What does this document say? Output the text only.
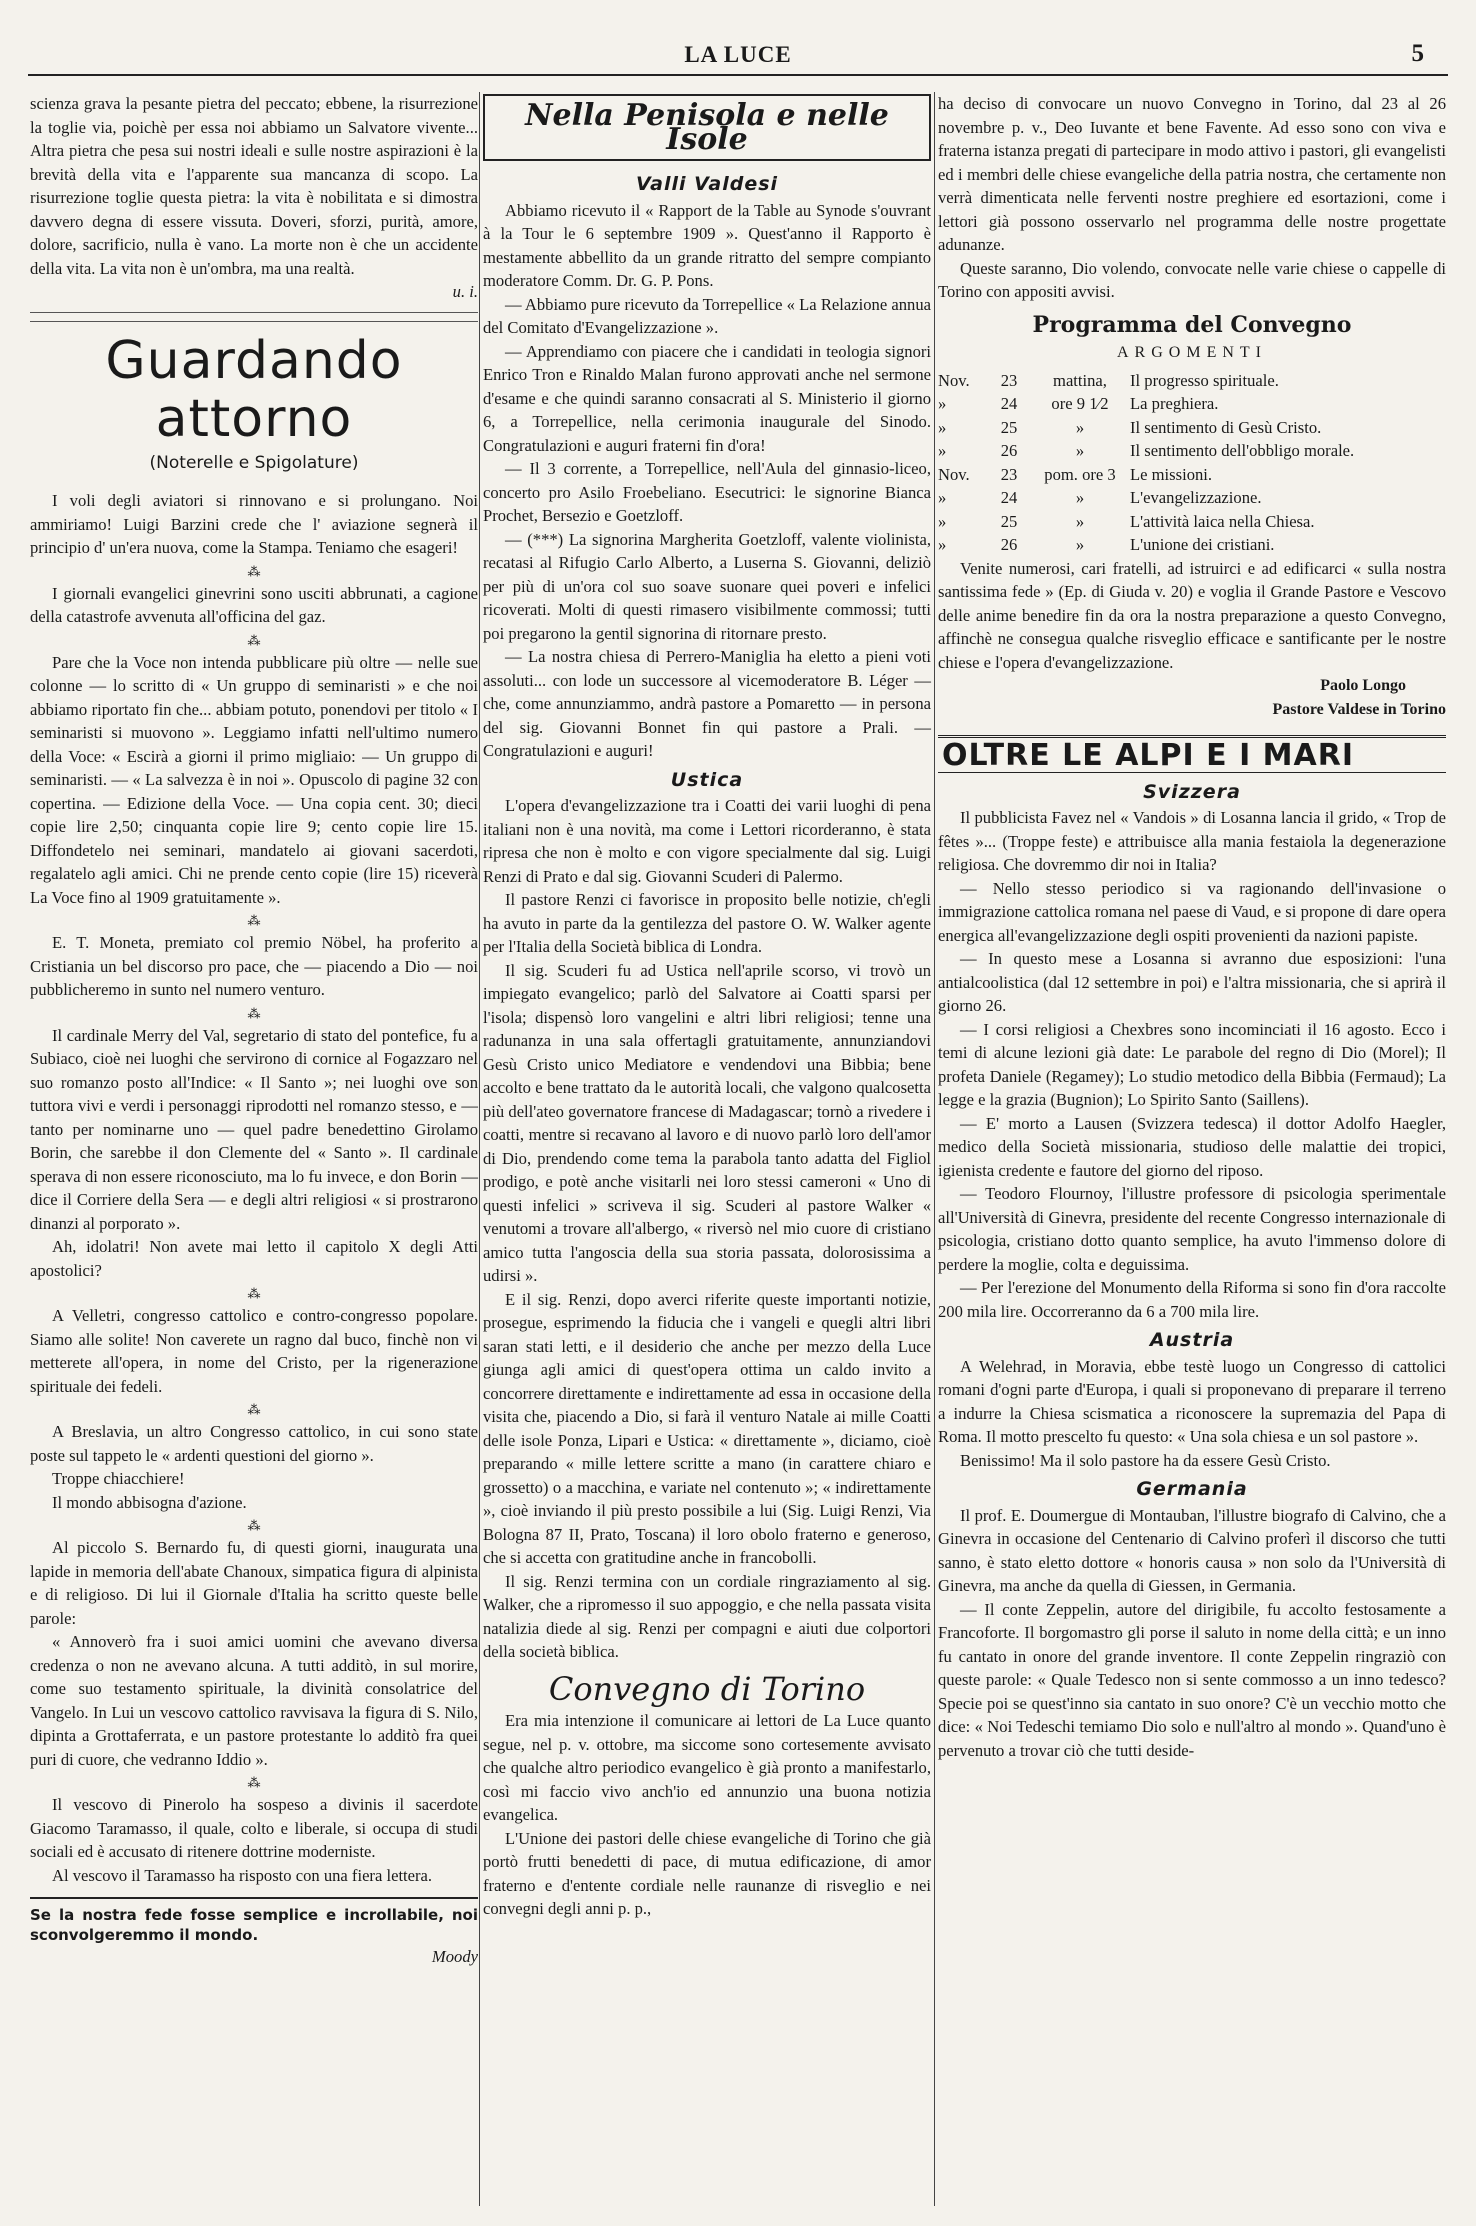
LA LUCE	5

scienza grava la pesante pietra del peccato; ebbene, la risurrezione la toglie via, poichè per essa noi abbiamo un Salvatore vivente... Altra pietra che pesa sui nostri ideali e sulle nostre aspirazioni è la brevità della vita e l'apparente sua mancanza di scopo. La risurrezione toglie questa pietra: la vita è nobilitata e si dimostra davvero degna di essere vissuta. Doveri, sforzi, purità, amore, dolore, sacrificio, nulla è vano. La morte non è che un accidente della vita. La vita non è un'ombra, ma una realtà.

u. i.

Guardando attorno
(Noterelle e Spigolature)

I voli degli aviatori si rinnovano e si prolungano. Noi ammiriamo! Luigi Barzini crede che l' aviazione segnerà il principio d' un'era nuova, come la Stampa. Teniamo che esageri!

⁂

I giornali evangelici ginevrini sono usciti abbrunati, a cagione della catastrofe avvenuta all'officina del gaz.

⁂

Pare che la Voce non intenda pubblicare più oltre — nelle sue colonne — lo scritto di « Un gruppo di seminaristi » e che noi abbiamo riportato fin che... abbiam potuto, ponendovi per titolo « I seminaristi si muovono ». Leggiamo infatti nell'ultimo numero della Voce: « Escirà a giorni il primo migliaio: — Un gruppo di seminaristi. — « La salvezza è in noi ». Opuscolo di pagine 32 con copertina. — Edizione della Voce. — Una copia cent. 30; dieci copie lire 2,50; cinquanta copie lire 9; cento copie lire 15. Diffondetelo nei seminari, mandatelo ai giovani sacerdoti, regalatelo agli amici. Chi ne prende cento copie (lire 15) riceverà La Voce fino al 1909 gratuitamente ».

⁂

E. T. Moneta, premiato col premio Nöbel, ha proferito a Cristiania un bel discorso pro pace, che — piacendo a Dio — noi pubblicheremo in sunto nel numero venturo.

⁂

Il cardinale Merry del Val, segretario di stato del pontefice, fu a Subiaco, cioè nei luoghi che servirono di cornice al Fogazzaro nel suo romanzo posto all'Indice: « Il Santo »; nei luoghi ove son tuttora vivi e verdi i personaggi riprodotti nel romanzo stesso, e — tanto per nominarne uno — quel padre benedettino Girolamo Borin, che sarebbe il don Clemente del « Santo ». Il cardinale sperava di non essere riconosciuto, ma lo fu invece, e don Borin — dice il Corriere della Sera — e degli altri religiosi « si prostrarono dinanzi al porporato ».

Ah, idolatri! Non avete mai letto il capitolo X degli Atti apostolici?

⁂

A Velletri, congresso cattolico e contro-congresso popolare. Siamo alle solite! Non caverete un ragno dal buco, finchè non vi metterete all'opera, in nome del Cristo, per la rigenerazione spirituale dei fedeli.

⁂

A Breslavia, un altro Congresso cattolico, in cui sono state poste sul tappeto le « ardenti questioni del giorno ».

Troppe chiacchiere!

Il mondo abbisogna d'azione.

⁂

Al piccolo S. Bernardo fu, di questi giorni, inaugurata una lapide in memoria dell'abate Chanoux, simpatica figura di alpinista e di religioso. Di lui il Giornale d'Italia ha scritto queste belle parole:

« Annoverò fra i suoi amici uomini che avevano diversa credenza o non ne avevano alcuna. A tutti additò, in sul morire, come suo testamento spirituale, la divinità consolatrice del Vangelo. In Lui un vescovo cattolico ravvisava la figura di S. Nilo, dipinta a Grottaferrata, e un pastore protestante lo additò fra quei puri di cuore, che vedranno Iddio ».

⁂

Il vescovo di Pinerolo ha sospeso a divinis il sacerdote Giacomo Taramasso, il quale, colto e liberale, si occupa di studi sociali ed è accusato di ritenere dottrine moderniste.

Al vescovo il Taramasso ha risposto con una fiera lettera.

Se la nostra fede fosse semplice e incrollabile, noi sconvolgeremmo il mondo.

Moody

Nella Penisola e nelle Isole
Valli Valdesi

Abbiamo ricevuto il « Rapport de la Table au Synode s'ouvrant à la Tour le 6 septembre 1909 ». Quest'anno il Rapporto è mestamente abbellito da un grande ritratto del sempre compianto moderatore Comm. Dr. G. P. Pons.

— Abbiamo pure ricevuto da Torrepellice « La Relazione annua del Comitato d'Evangelizzazione ».

— Apprendiamo con piacere che i candidati in teologia signori Enrico Tron e Rinaldo Malan furono approvati anche nel sermone d'esame e che quindi saranno consacrati al S. Ministerio il giorno 6, a Torrepellice, nella cerimonia inaugurale del Sinodo. Congratulazioni e auguri fraterni fin d'ora!

— Il 3 corrente, a Torrepellice, nell'Aula del ginnasio-liceo, concerto pro Asilo Froebeliano. Esecutrici: le signorine Bianca Prochet, Bersezio e Goetzloff.

— (***) La signorina Margherita Goetzloff, valente violinista, recatasi al Rifugio Carlo Alberto, a Luserna S. Giovanni, deliziò per più di un'ora col suo soave suonare quei poveri e infelici ricoverati. Molti di questi rimasero visibilmente commossi; tutti poi pregarono la gentil signorina di ritornare presto.

— La nostra chiesa di Perrero-Maniglia ha eletto a pieni voti assoluti... con lode un successore al vicemoderatore B. Léger — che, come annunziammo, andrà pastore a Pomaretto — in persona del sig. Giovanni Bonnet fin qui pastore a Prali. — Congratulazioni e auguri!

Ustica

L'opera d'evangelizzazione tra i Coatti dei varii luoghi di pena italiani non è una novità, ma come i Lettori ricorderanno, è stata ripresa che non è molto e con vigore specialmente dal sig. Luigi Renzi di Prato e dal sig. Giovanni Scuderi di Palermo.

Il pastore Renzi ci favorisce in proposito belle notizie, ch'egli ha avuto in parte da la gentilezza del pastore O. W. Walker agente per l'Italia della Società biblica di Londra.

Il sig. Scuderi fu ad Ustica nell'aprile scorso, vi trovò un impiegato evangelico; parlò del Salvatore ai Coatti sparsi per l'isola; dispensò loro vangelini e altri libri religiosi; tenne una radunanza in una sala offertagli gratuitamente, annunziandovi Gesù Cristo unico Mediatore e vendendovi una Bibbia; bene accolto e bene trattato da le autorità locali, che valgono qualcosetta più dell'ateo governatore francese di Madagascar; tornò a rivedere i coatti, mentre si recavano al lavoro e di nuovo parlò loro dell'amor di Dio, prendendo come tema la parabola tanto adatta del Figliol prodigo, e potè anche visitarli nei loro stessi cameroni « Uno di questi infelici » scriveva il sig. Scuderi al pastore Walker « venutomi a trovare all'albergo, « riversò nel mio cuore di cristiano amico tutta l'angoscia della sua storia passata, dolorosissima a udirsi ».

E il sig. Renzi, dopo averci riferite queste importanti notizie, prosegue, esprimendo la fiducia che i vangeli e quegli altri libri saran stati letti, e il desiderio che anche per mezzo della Luce giunga agli amici di quest'opera ottima un caldo invito a concorrere direttamente e indirettamente ad essa in occasione della visita che, piacendo a Dio, si farà il venturo Natale ai mille Coatti delle isole Ponza, Lipari e Ustica: « direttamente », diciamo, cioè preparando « mille lettere scritte a mano (in carattere chiaro e grossetto) o a macchina, e variate nel contenuto »; « indirettamente », cioè inviando il più presto possibile a lui (Sig. Luigi Renzi, Via Bologna 87 II, Prato, Toscana) il loro obolo fraterno e generoso, che si accetta con gratitudine anche in francobolli.

Il sig. Renzi termina con un cordiale ringraziamento al sig. Walker, che a ripromesso il suo appoggio, e che nella passata visita natalizia diede al sig. Renzi per compagni e aiuti due colportori della società biblica.

Convegno di Torino

Era mia intenzione il comunicare ai lettori de La Luce quanto segue, nel p. v. ottobre, ma siccome sono cortesemente avvisato che qualche altro periodico evangelico è già pronto a manifestarlo, così mi faccio vivo anch'io ed annunzio una buona notizia evangelica.

L'Unione dei pastori delle chiese evangeliche di Torino che già portò frutti benedetti di pace, di mutua edificazione, di amor fraterno e d'entente cordiale nelle raunanze di risveglio e nei convegni degli anni p. p.,

ha deciso di convocare un nuovo Convegno in Torino, dal 23 al 26 novembre p. v., Deo Iuvante et bene Favente. Ad esso sono con viva e fraterna istanza pregati di partecipare in modo attivo i pastori, gli evangelisti ed i membri delle chiese evangeliche della patria nostra, che certamente non verrà dimenticata nelle ferventi nostre preghiere ed esortazioni, come i lettori già possono osservarlo nel programma delle nostre progettate adunanze.

Queste saranno, Dio volendo, convocate nelle varie chiese o cappelle di Torino con appositi avvisi.

Programma del Convegno
ARGOMENTI
Nov.	23	mattina,	Il progresso spirituale.
»	24	ore 9 1⁄2	La preghiera.
»	25	»	Il sentimento di Gesù Cristo.
»	26	»	Il sentimento dell'obbligo morale.
Nov.	23	pom. ore 3	Le missioni.
»	24	»	L'evangelizzazione.
»	25	»	L'attività laica nella Chiesa.
»	26	»	L'unione dei cristiani.

Venite numerosi, cari fratelli, ad istruirci e ad edificarci « sulla nostra santissima fede » (Ep. di Giuda v. 20) e voglia il Grande Pastore e Vescovo delle anime benedire fin da ora la nostra preparazione a questo Convegno, affinchè ne consegua qualche risveglio efficace e santificante per le nostre chiese e l'opera d'evangelizzazione.

Paolo Longo
Pastore Valdese in Torino
OLTRE LE ALPI E I MARI
Svizzera

Il pubblicista Favez nel « Vandois » di Losanna lancia il grido, « Trop de fêtes »... (Troppe feste) e attribuisce alla mania festaiola la degenerazione religiosa. Che dovremmo dir noi in Italia?

— Nello stesso periodico si va ragionando dell'invasione o immigrazione cattolica romana nel paese di Vaud, e si propone di dare opera energica all'evangelizzazione degli ospiti provenienti da nazioni papiste.

— In questo mese a Losanna si avranno due esposizioni: l'una antialcoolistica (dal 12 settembre in poi) e l'altra missionaria, che si aprirà il giorno 26.

— I corsi religiosi a Chexbres sono incominciati il 16 agosto. Ecco i temi di alcune lezioni già date: Le parabole del regno di Dio (Morel); Il profeta Daniele (Regamey); Lo studio metodico della Bibbia (Fermaud); La legge e la grazia (Bugnion); Lo Spirito Santo (Saillens).

— E' morto a Lausen (Svizzera tedesca) il dottor Adolfo Haegler, medico della Società missionaria, studioso delle malattie dei tropici, igienista credente e fautore del giorno del riposo.

— Teodoro Flournoy, l'illustre professore di psicologia sperimentale all'Università di Ginevra, presidente del recente Congresso internazionale di psicologia, cristiano dotto quanto semplice, ha avuto l'immenso dolore di perdere la moglie, colta e deguissima.

— Per l'erezione del Monumento della Riforma si sono fin d'ora raccolte 200 mila lire. Occorreranno da 6 a 700 mila lire.

Austria

A Welehrad, in Moravia, ebbe testè luogo un Congresso di cattolici romani d'ogni parte d'Europa, i quali si proponevano di preparare il terreno a indurre la Chiesa scismatica a riconoscere la supremazia del Papa di Roma. Il motto prescelto fu questo: « Una sola chiesa e un sol pastore ».

Benissimo! Ma il solo pastore ha da essere Gesù Cristo.

Germania

Il prof. E. Doumergue di Montauban, l'illustre biografo di Calvino, che a Ginevra in occasione del Centenario di Calvino proferì il discorso che tutti sanno, è stato eletto dottore « honoris causa » non solo da l'Università di Ginevra, ma anche da quella di Giessen, in Germania.

— Il conte Zeppelin, autore del dirigibile, fu accolto festosamente a Francoforte. Il borgomastro gli porse il saluto in nome della città; e un inno fu cantato in onore del grande inventore. Il conte Zeppelin ringraziò con queste parole: « Quale Tedesco non si sente commosso a un inno tedesco? Specie poi se quest'inno sia cantato in suo onore? C'è un vecchio motto che dice: « Noi Tedeschi temiamo Dio solo e null'altro al mondo ». Quand'uno è pervenuto a trovar ciò che tutti deside-
